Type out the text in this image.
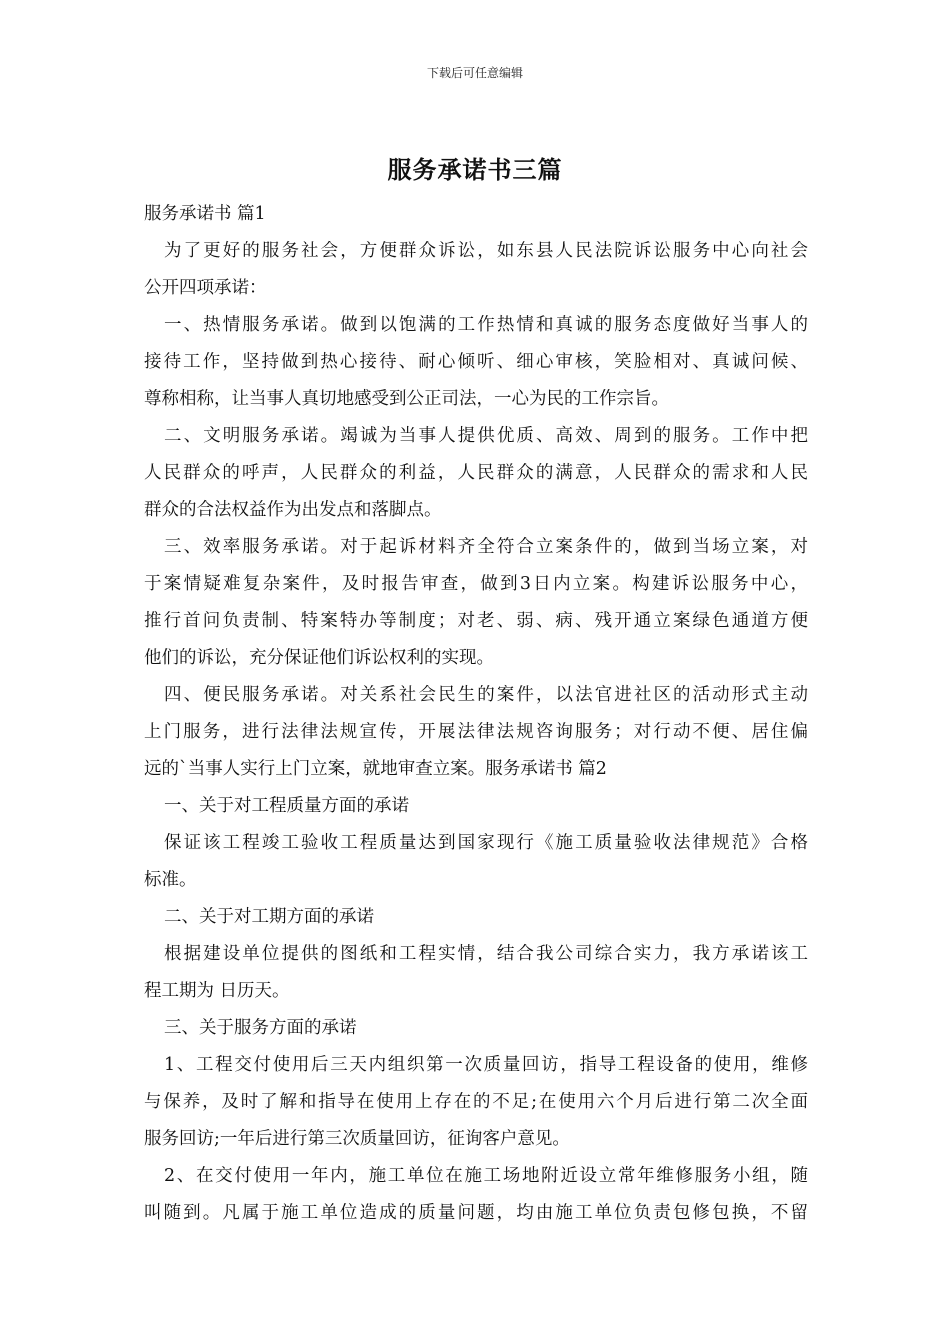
下载后可任意编辑
服务承诺书三篇
服务承诺书 篇1
为了更好的服务社会，方便群众诉讼，如东县人民法院诉讼服务中心向社会
公开四项承诺：
一、热情服务承诺。做到以饱满的工作热情和真诚的服务态度做好当事人的
接待工作，坚持做到热心接待、耐心倾听、细心审核，笑脸相对、真诚问候、
尊称相称，让当事人真切地感受到公正司法，一心为民的工作宗旨。
二、文明服务承诺。竭诚为当事人提供优质、高效、周到的服务。工作中把
人民群众的呼声，人民群众的利益，人民群众的满意，人民群众的需求和人民
群众的合法权益作为出发点和落脚点。
三、效率服务承诺。对于起诉材料齐全符合立案条件的，做到当场立案，对
于案情疑难复杂案件，及时报告审查，做到3日内立案。构建诉讼服务中心，
推行首问负责制、特案特办等制度；对老、弱、病、残开通立案绿色通道方便
他们的诉讼，充分保证他们诉讼权利的实现。
四、便民服务承诺。对关系社会民生的案件，以法官进社区的活动形式主动
上门服务，进行法律法规宣传，开展法律法规咨询服务；对行动不便、居住偏
远的`当事人实行上门立案，就地审查立案。服务承诺书 篇2
一、关于对工程质量方面的承诺
保证该工程竣工验收工程质量达到国家现行《施工质量验收法律规范》合格
标准。
二、关于对工期方面的承诺
根据建设单位提供的图纸和工程实情，结合我公司综合实力，我方承诺该工
程工期为 日历天。
三、关于服务方面的承诺
1、工程交付使用后三天内组织第一次质量回访，指导工程设备的使用，维修
与保养，及时了解和指导在使用上存在的不足;在使用六个月后进行第二次全面
服务回访;一年后进行第三次质量回访，征询客户意见。
2、在交付使用一年内，施工单位在施工场地附近设立常年维修服务小组，随
叫随到。凡属于施工单位造成的质量问题，均由施工单位负责包修包换，不留
